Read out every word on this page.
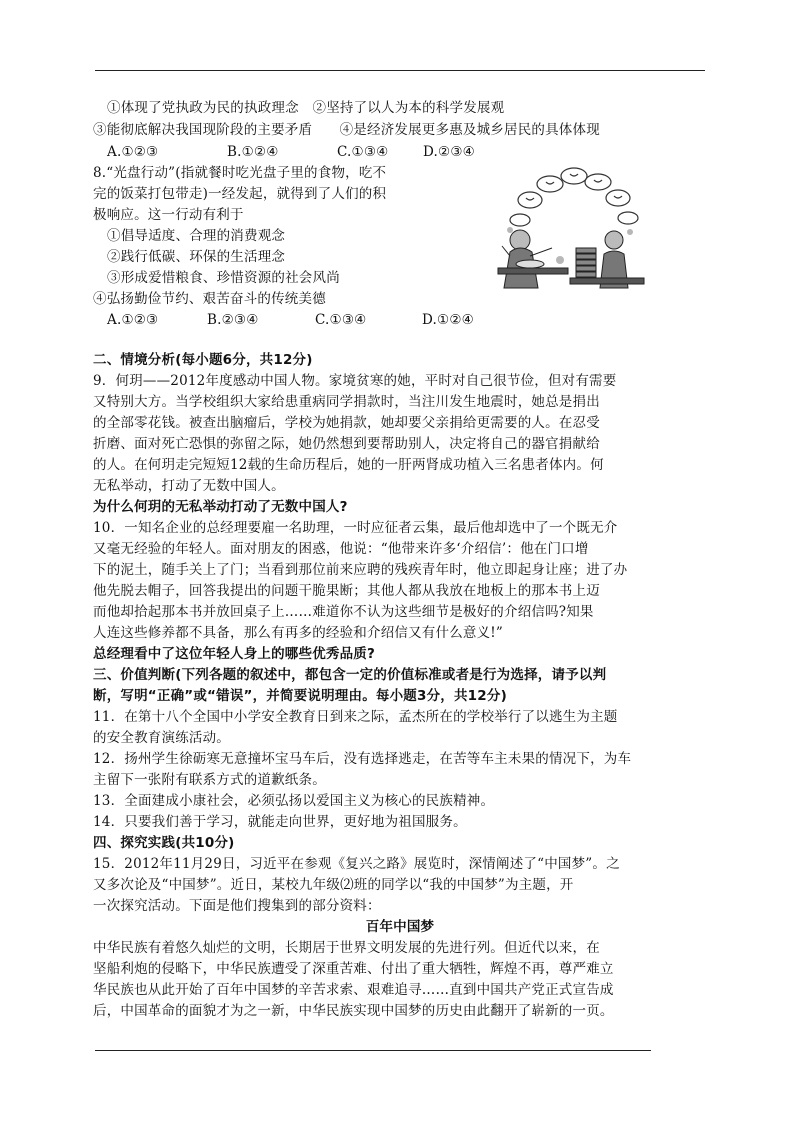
①体现了党执政为民的执政理念　②坚持了以人为本的科学发展观
③能彻底解决我国现阶段的主要矛盾　　④是经济发展更多惠及城乡居民的具体体现
A.①②③	B.①②④	C.①③④	D.②③④
8.“光盘行动”(指就餐时吃光盘子里的食物，吃不
完的饭菜打包带走)一经发起，就得到了人们的积
极响应。这一行动有利于
①倡导适度、合理的消费观念
②践行低碳、环保的生活理念
③形成爱惜粮食、珍惜资源的社会风尚
④弘扬勤俭节约、艰苦奋斗的传统美德
A.①②③	B.②③④	C.①③④	D.①②④
二、情境分析(每小题6分，共12分)
9．何玥——2012年度感动中国人物。家境贫寒的她，平时对自己很节俭，但对有需要
又特别大方。当学校组织大家给患重病同学捐款时，当注川发生地震时，她总是捐出
的全部零花钱。被查出脑瘤后，学校为她捐款，她却要父亲捐给更需要的人。在忍受
折磨、面对死亡恐惧的弥留之际，她仍然想到要帮助别人，决定将自己的器官捐献给
的人。在何玥走完短短12载的生命历程后，她的一肝两肾成功植入三名患者体内。何
无私举动，打动了无数中国人。
为什么何玥的无私举动打动了无数中国人?
10．一知名企业的总经理要雇一名助理，一时应征者云集，最后他却选中了一个既无介
又毫无经验的年轻人。面对朋友的困惑，他说：“他带来许多‘介绍信’：他在门口增
下的泥土，随手关上了门；当看到那位前来应聘的残疾青年时，他立即起身让座；进了办
他先脱去帽子，回答我提出的问题干脆果断；其他人都从我放在地板上的那本书上迈
而他却拾起那本书并放回桌子上……难道你不认为这些细节是极好的介绍信吗?知果
人连这些修养都不具备，那么有再多的经验和介绍信又有什么意义!”
总经理看中了这位年轻人身上的哪些优秀品质?
三、价值判断(下列各题的叙述中，都包含一定的价值标准或者是行为选择，请予以判
断，写明“正确”或“错误”，并简要说明理由。每小题3分，共12分)
11．在第十八个全国中小学安全教育日到来之际，孟杰所在的学校举行了以逃生为主题
的安全教育演练活动。
12．扬州学生徐砺寒无意撞坏宝马车后，没有选择逃走，在苦等车主未果的情况下，为车
主留下一张附有联系方式的道歉纸条。
13．全面建成小康社会，必须弘扬以爱国主义为核心的民族精神。
14．只要我们善于学习，就能走向世界，更好地为祖国服务。
四、探究实践(共10分)
15．2012年11月29日，习近平在参观《复兴之路》展览时，深情阐述了“中国梦”。之
又多次论及“中国梦”。近日，某校九年级⑵班的同学以“我的中国梦”为主题，开
一次探究活动。下面是他们搜集到的部分资料：
百年中国梦
中华民族有着悠久灿烂的文明，长期居于世界文明发展的先进行列。但近代以来，在
坚船利炮的侵略下，中华民族遭受了深重苦难、付出了重大牺牲，辉煌不再，尊严难立
华民族也从此开始了百年中国梦的辛苦求索、艰难追寻……直到中国共产党正式宣告成
后，中国革命的面貌才为之一新，中华民族实现中国梦的历史由此翻开了崭新的一页。
